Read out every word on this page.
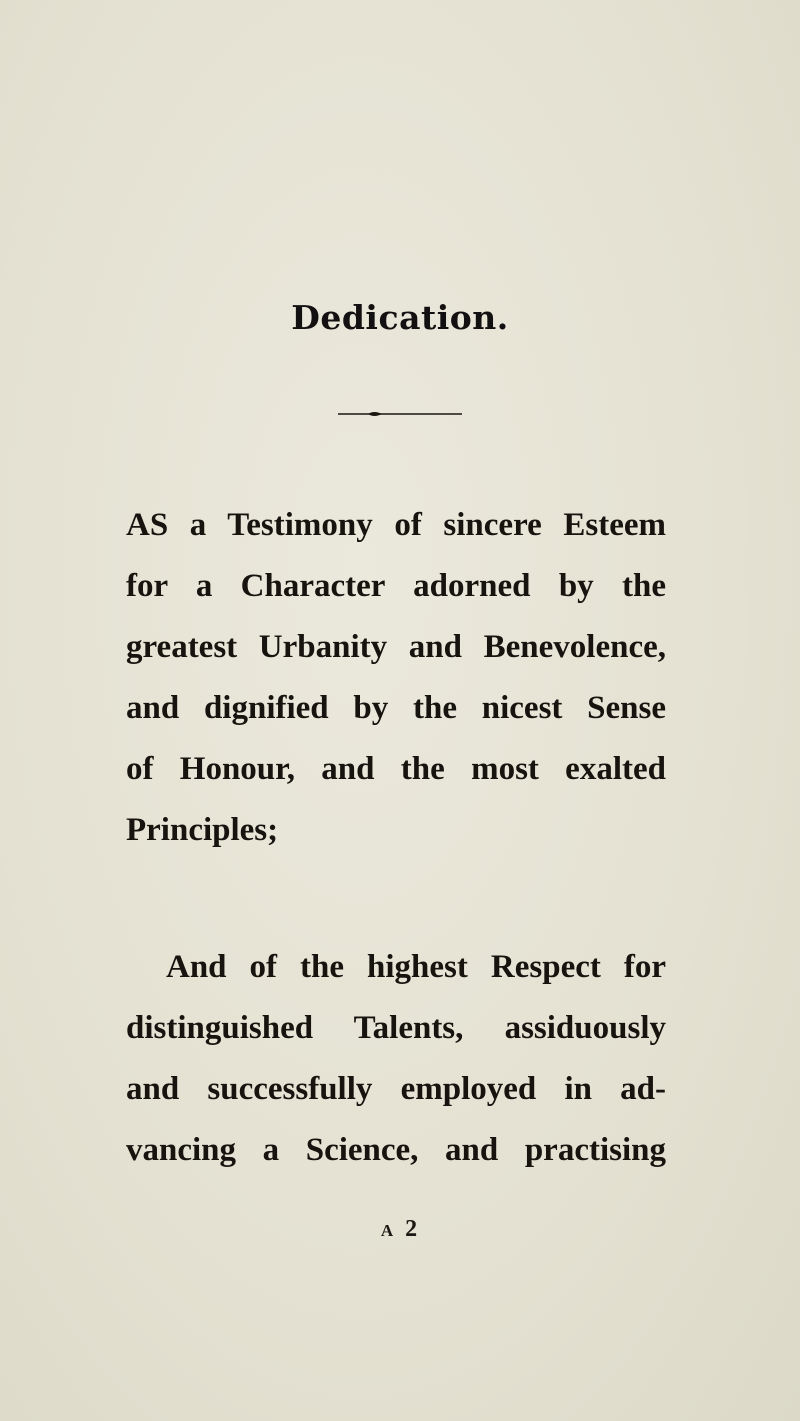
Dedication.
AS a Testimony of sincere Esteem
for a Character adorned by the
greatest Urbanity and Benevolence,
and dignified by the nicest Sense
of Honour, and the most exalted
Principles;
And of the highest Respect for
distinguished Talents, assiduously
and successfully employed in ad-
vancing a Science, and practising
A 2
